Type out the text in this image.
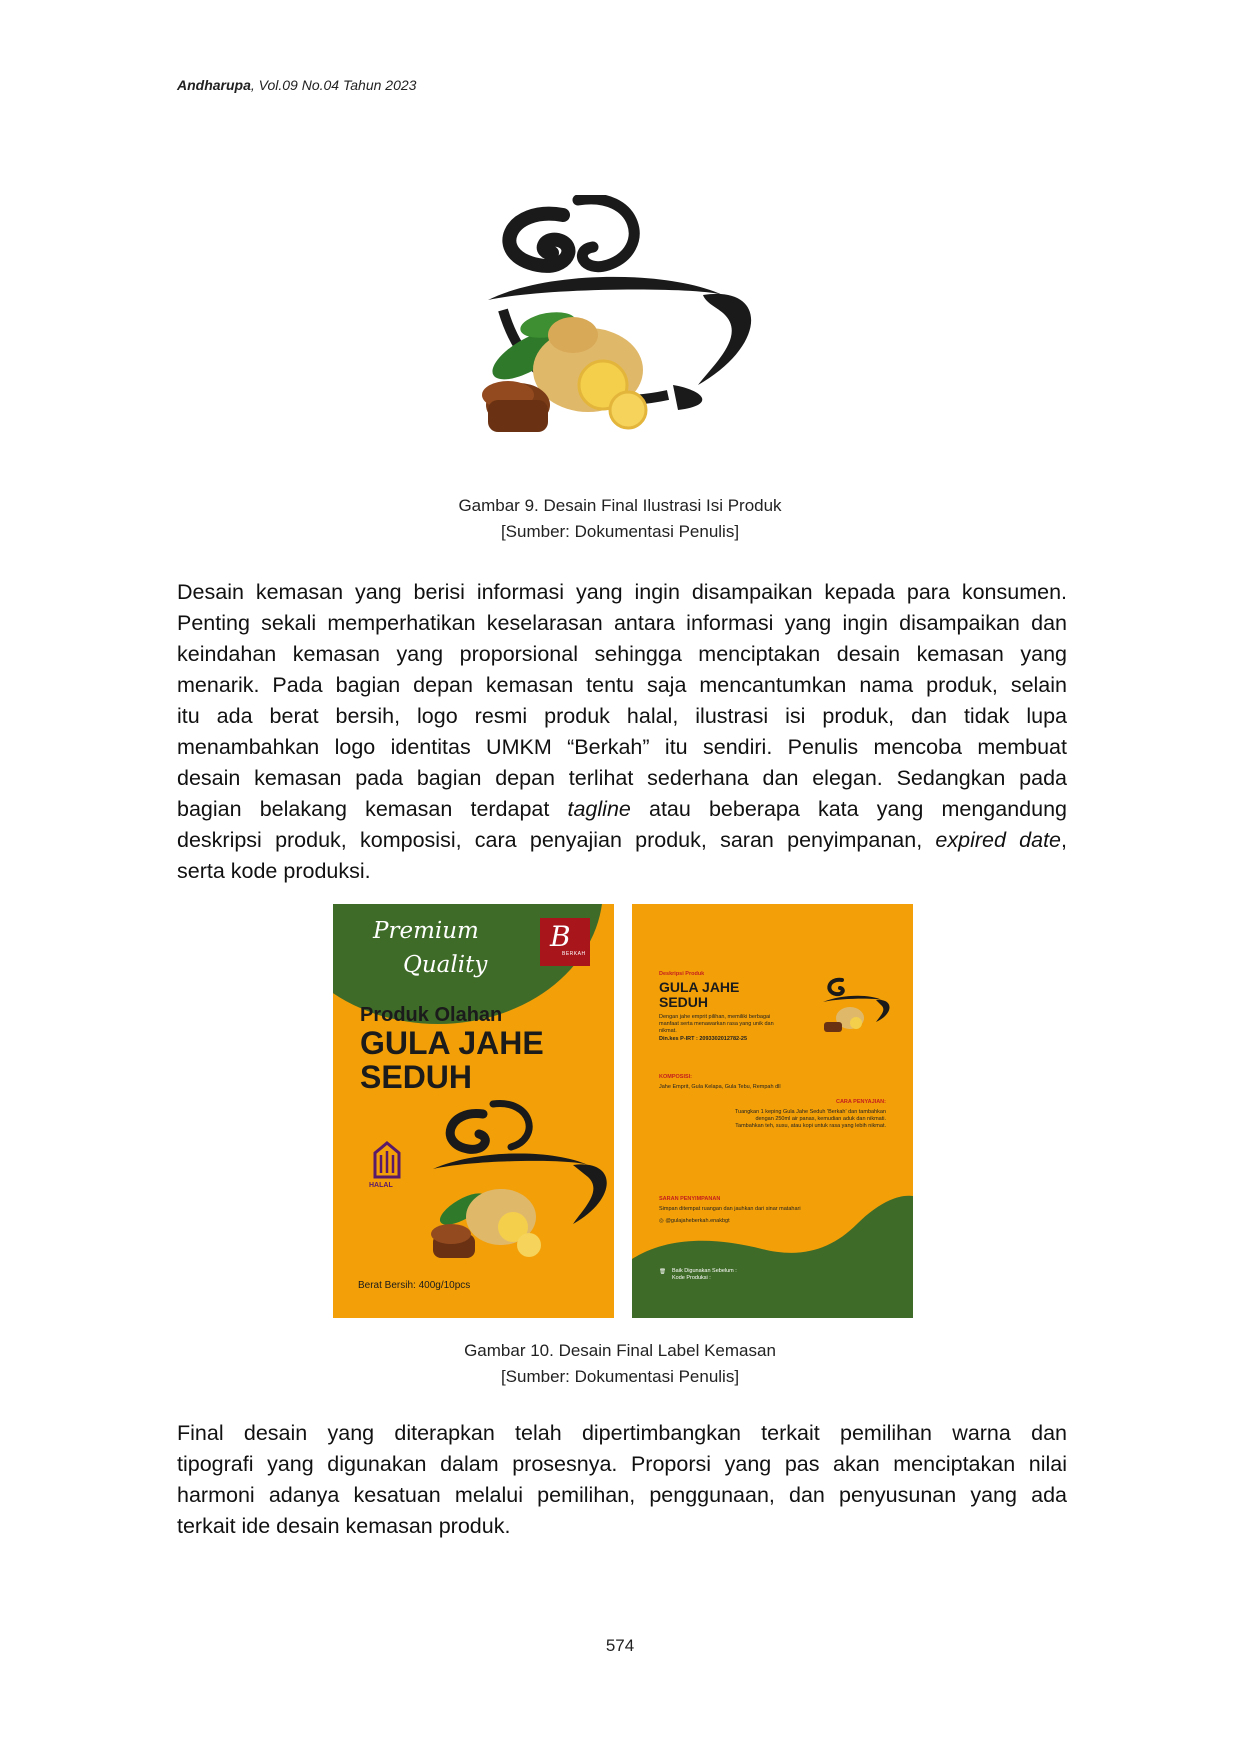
Andharupa, Vol.09 No.04 Tahun 2023
Gambar 9. Desain Final Ilustrasi Isi Produk
[Sumber: Dokumentasi Penulis]
Desain kemasan yang berisi informasi yang ingin disampaikan kepada para konsumen.
Penting sekali memperhatikan keselarasan antara informasi yang ingin disampaikan dan
keindahan kemasan yang proporsional sehingga menciptakan desain kemasan yang
menarik. Pada bagian depan kemasan tentu saja mencantumkan nama produk, selain
itu ada berat bersih, logo resmi produk halal, ilustrasi isi produk, dan tidak lupa
menambahkan logo identitas UMKM “Berkah” itu sendiri. Penulis mencoba membuat
desain kemasan pada bagian depan terlihat sederhana dan elegan. Sedangkan pada
bagian belakang kemasan terdapat tagline atau beberapa kata yang mengandung
deskripsi produk, komposisi, cara penyajian produk, saran penyimpanan, expired date,
serta kode produksi.
Premium
Quality
B
BERKAH
Produk Olahan
GULA JAHE
SEDUH
HALAL
Berat Bersih: 400g/10pcs
Deskripsi Produk
GULA JAHE
SEDUH
Dengan jahe emprit pilihan, memiliki berbagai
manfaat serta menawarkan rasa yang unik dan
nikmat.
Din.kes P-IRT : 2093302012782-25
KOMPOSISI:
Jahe Emprit, Gula Kelapa, Gula Tebu, Rempah dll
CARA PENYAJIAN:
Tuangkan 1 keping Gula Jahe Seduh 'Berkah' dan tambahkan
dengan 250ml air panas, kemudian aduk dan nikmati.
Tambahkan teh, susu, atau kopi untuk rasa yang lebih nikmat.
SARAN PENYIMPANAN
Simpan ditempat ruangan dan jauhkan dari sinar matahari
◎ @gulajaheberkah.enakbgt
🗑 Baik Digunakan Sebelum :
Kode Produksi :
Gambar 10. Desain Final Label Kemasan
[Sumber: Dokumentasi Penulis]
Final desain yang diterapkan telah dipertimbangkan terkait pemilihan warna dan
tipografi yang digunakan dalam prosesnya. Proporsi yang pas akan menciptakan nilai
harmoni adanya kesatuan melalui pemilihan, penggunaan, dan penyusunan yang ada
terkait ide desain kemasan produk.
574
